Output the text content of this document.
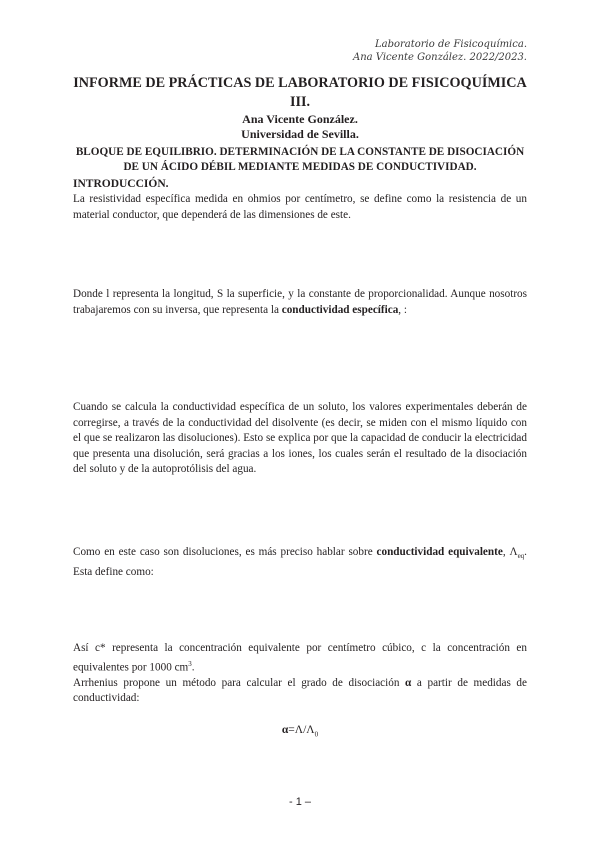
Laboratorio de Fisicoquímica.
Ana Vicente González. 2022/2023.
INFORME DE PRÁCTICAS DE LABORATORIO DE FISICOQUÍMICA
III.
Ana Vicente González.
Universidad de Sevilla.
BLOQUE DE EQUILIBRIO. DETERMINACIÓN DE LA CONSTANTE DE DISOCIACIÓN
DE UN ÁCIDO DÉBIL MEDIANTE MEDIDAS DE CONDUCTIVIDAD.
INTRODUCCIÓN.
La resistividad específica medida en ohmios por centímetro, se define como la resistencia de un material conductor, que dependerá de las dimensiones de este.
Donde l representa la longitud, S la superficie, y la constante de proporcionalidad. Aunque nosotros trabajaremos con su inversa, que representa la conductividad específica, :
Cuando se calcula la conductividad específica de un soluto, los valores experimentales deberán de corregirse, a través de la conductividad del disolvente (es decir, se miden con el mismo líquido con el que se realizaron las disoluciones). Esto se explica por que la capacidad de conducir la electricidad que presenta una disolución, será gracias a los iones, los cuales serán el resultado de la disociación del soluto y de la autoprotólisis del agua.
Como en este caso son disoluciones, es más preciso hablar sobre conductividad equivalente, $\Lambda_{eq}$. Esta define como:
Así c* representa la concentración equivalente por centímetro cúbico, c la concentración en equivalentes por 1000 $cm^3$.
Arrhenius propone un método para calcular el grado de disociación α a partir de medidas de conductividad:
$\alpha=\Lambda/\Lambda_0$
- 1 –
